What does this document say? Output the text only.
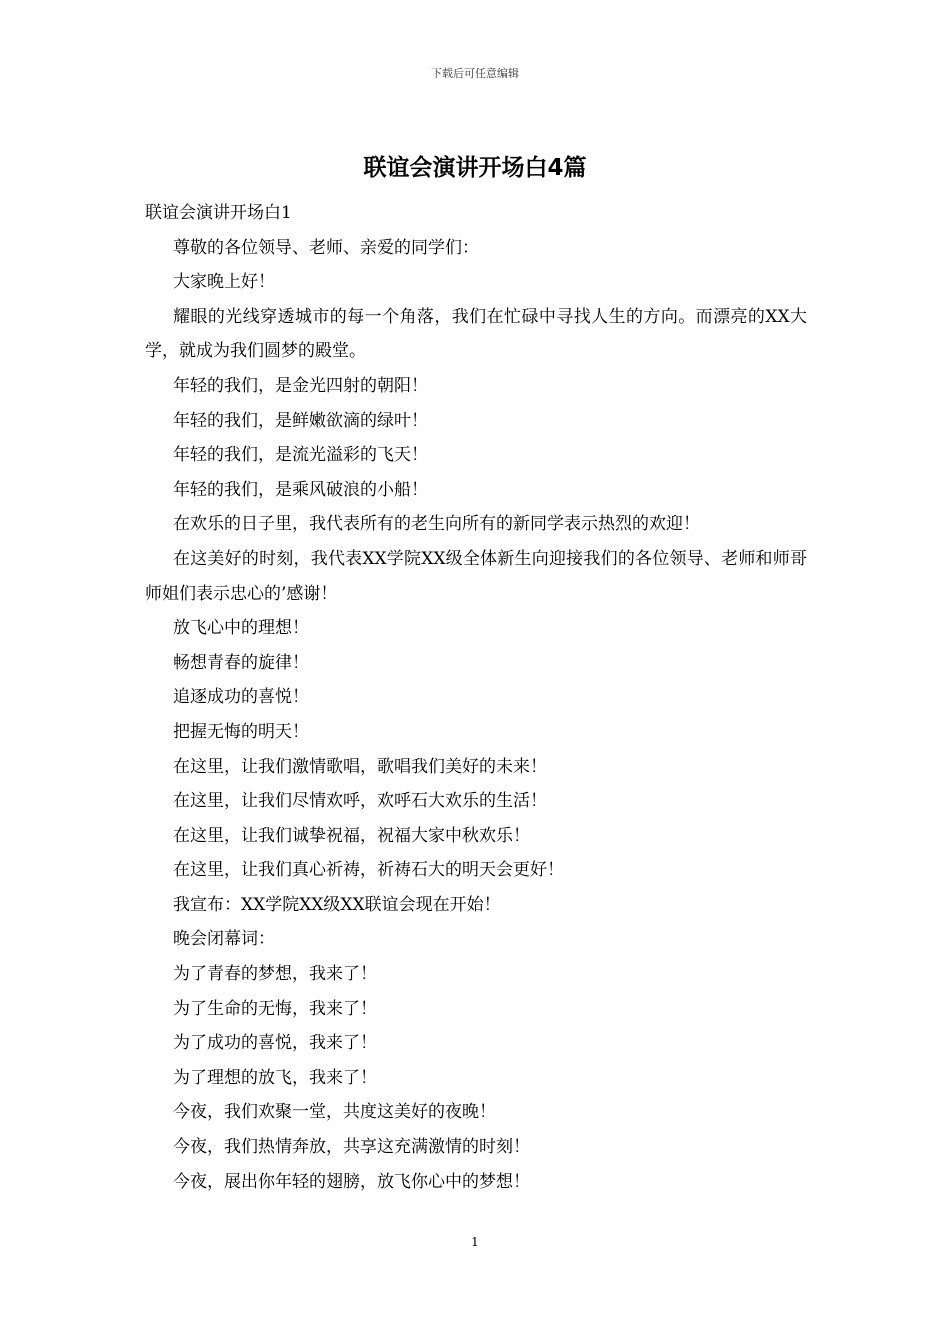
下载后可任意编辑
联谊会演讲开场白4篇

联谊会演讲开场白1

尊敬的各位领导、老师、亲爱的同学们：

大家晚上好！

耀眼的光线穿透城市的每一个角落，我们在忙碌中寻找人生的方向。而漂亮的XX大学，就成为我们圆梦的殿堂。

年轻的我们，是金光四射的朝阳！

年轻的我们，是鲜嫩欲滴的绿叶！

年轻的我们，是流光溢彩的飞天！

年轻的我们，是乘风破浪的小船！

在欢乐的日子里，我代表所有的老生向所有的新同学表示热烈的欢迎！

在这美好的时刻，我代表XX学院XX级全体新生向迎接我们的各位领导、老师和师哥师姐们表示忠心的’感谢！

放飞心中的理想！

畅想青春的旋律！

追逐成功的喜悦！

把握无悔的明天！

在这里，让我们激情歌唱，歌唱我们美好的未来！

在这里，让我们尽情欢呼，欢呼石大欢乐的生活！

在这里，让我们诚挚祝福，祝福大家中秋欢乐！

在这里，让我们真心祈祷，祈祷石大的明天会更好！

我宣布：XX学院XX级XX联谊会现在开始！

晚会闭幕词：

为了青春的梦想，我来了！

为了生命的无悔，我来了！

为了成功的喜悦，我来了！

为了理想的放飞，我来了！

今夜，我们欢聚一堂，共度这美好的夜晚！

今夜，我们热情奔放，共享这充满激情的时刻！

今夜，展出你年轻的翅膀，放飞你心中的梦想！

1
